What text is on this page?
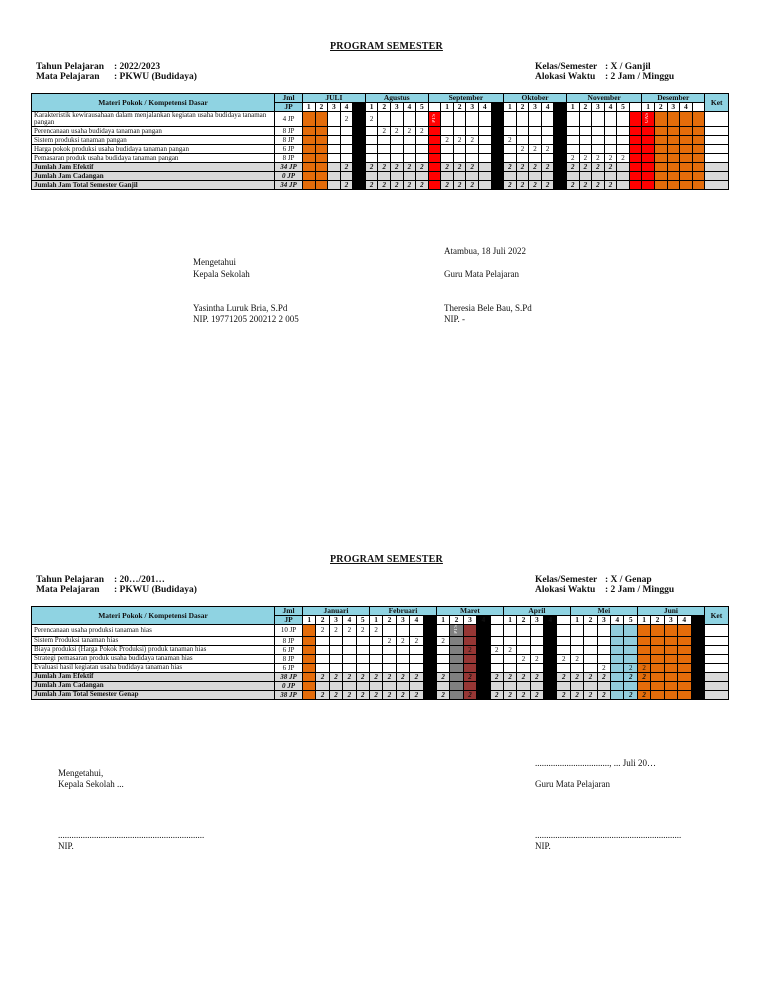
PROGRAM SEMESTER
Tahun Pelajaran : 2022/2023
Mata Pelajaran : PKWU (Budidaya)
Kelas/Semester : X / Ganjil
Alokasi Waktu : 2 Jam / Minggu
Materi Pokok / Kompetensi Dasar	Jml	JULI					Agustus					September						Oktober					November						Desember					Ket
	JP	1	2	3	4		1	2	3	4	5		1	2	3	4		1	2	3	4		1	2	3	4	5		1	2	3	4		
Karakteristik kewirausahaan dalam menjalankan kegiatan usaha budidaya tanaman pangan	4 JP				2		2					PTS																	UAS					
Perencanaan usaha budidaya tanaman pangan	8 JP							2	2	2	2																							
Sistem produksi tanaman pangan	8 JP												2	2	2			2																
Harga pokok produksi usaha budidaya tanaman pangan	6 JP																		2	2	2													
Pemasaran produk usaha budidaya tanaman pangan	8 JP																						2	2	2	2	2							
Jumlah Jam Efektif	34 JP				2		2	2	2	2	2		2	2	2			2	2	2	2		2	2	2	2								
Jumlah Jam Cadangan	0 JP																																	
Jumlah Jam Total Semester Ganjil	34 JP				2		2	2	2	2	2		2	2	2			2	2	2	2		2	2	2	2								
Atambua, 18 Juli 2022
Mengetahui
Kepala Sekolah	Guru Mata Pelajaran
Yasintha Luruk Bria, S.Pd
NIP. 19771205 200212 2 005
Theresia Bele Bau, S.Pd
NIP. -
PROGRAM SEMESTER
Tahun Pelajaran : 20…/201…
Mata Pelajaran : PKWU (Budidaya)
Kelas/Semester : X / Genap
Alokasi Waktu : 2 Jam / Minggu
Materi Pokok / Kompetensi Dasar	Jml	Januari					Februari					Maret					April					Mei					Juni					Ket
	JP	1	2	3	4	5	1	2	3	4		1	2	3	4		1	2	3	4		1	2	3	4	5	1	2	3	4		
Perencanaan usaha produksi tanaman hias	10 JP		2	2	2	2	2						PTS																			
Sistem Produksi tanaman hias	8 JP							2	2	2		2																				
Biaya produksi (Harga Pokok Produksi) produk tanaman hias	6 JP													2		2	2															
Strategi pemasaran produk usaha budidaya tanaman hias	8 JP																	2	2		2	2										
Evaluasi hasil kegiatan usaha budidaya tanaman hias	6 JP																							2		2	2					
Jumlah Jam Efektif	38 JP		2	2	2	2	2	2	2	2		2		2		2	2	2	2		2	2	2	2		2	2					
Jumlah Jam Cadangan	0 JP																															
Jumlah Jam Total Semester Genap	38 JP		2	2	2	2	2	2	2	2		2		2		2	2	2	2		2	2	2	2		2	2					
................................., ... Juli 20…
Mengetahui,
Kepala Sekolah ...	Guru Mata Pelajaran
.................................................................
NIP.
.................................................................
NIP.
